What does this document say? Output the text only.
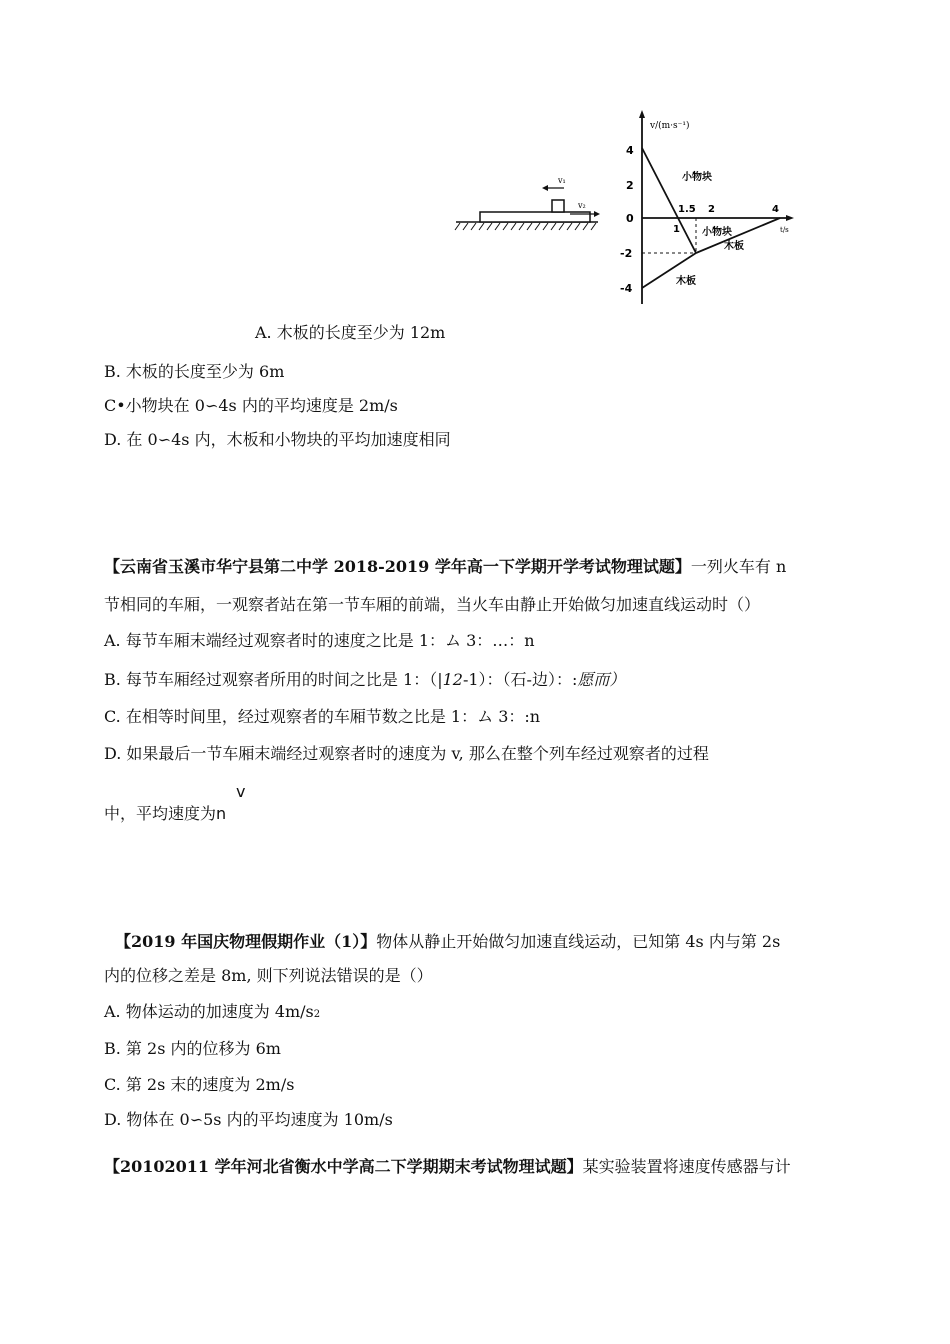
v₁
v₂
v/(m·s⁻¹)
t/s
4
2
0
-2
-4
1
1.5 2	4
小物块
小物块
木板
木板
A. 木板的长度至少为 12m
B. 木板的长度至少为 6m
C•小物块在 0∽4s 内的平均速度是 2m/s
D. 在 0∽4s 内，木板和小物块的平均加速度相同
【云南省玉溪市华宁县第二中学 2018-2019 学年高一下学期开学考试物理试题】一列火车有 n
节相同的车厢，一观察者站在第一节车厢的前端，当火车由静止开始做匀加速直线运动时（）
A. 每节车厢末端经过观察者时的速度之比是 1：ム 3：…：n
B. 每节车厢经过观察者所用的时间之比是 1：（|12-1）：（石-边）：:愿而）
C. 在相等时间里，经过观察者的车厢节数之比是 1：ム 3：:n
D. 如果最后一节车厢末端经过观察者时的速度为 v, 那么在整个列车经过观察者的过程
v
中，平均速度为n
【2019 年国庆物理假期作业（1）】物体从静止开始做匀加速直线运动，已知第 4s 内与第 2s
内的位移之差是 8m, 则下列说法错误的是（）
A. 物体运动的加速度为 4m/s2
B. 第 2s 内的位移为 6m
C. 第 2s 末的速度为 2m/s
D. 物体在 0∽5s 内的平均速度为 10m/s
【20102011 学年河北省衡水中学高二下学期期末考试物理试题】某实验装置将速度传感器与计
